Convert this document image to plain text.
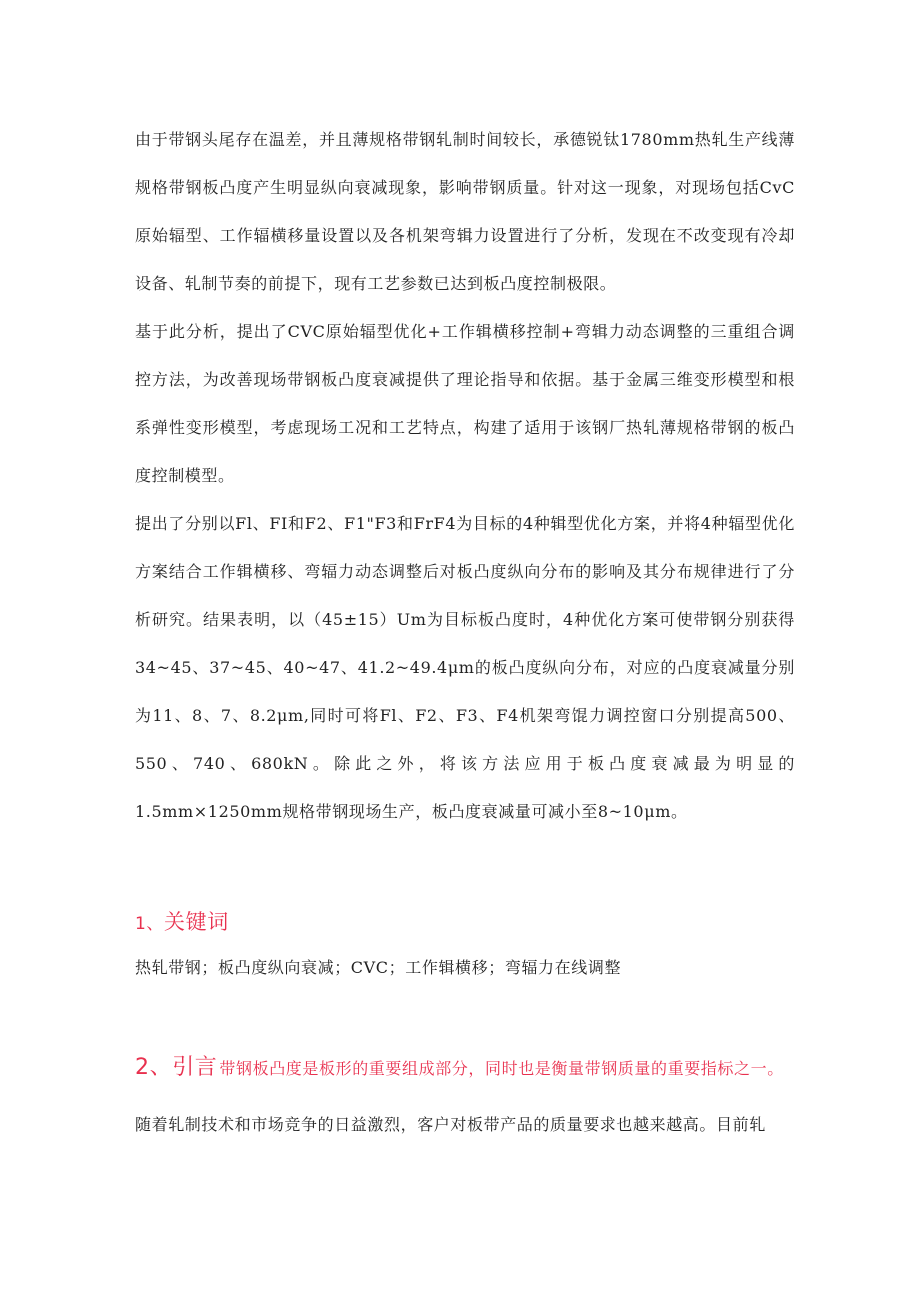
由于带钢头尾存在温差，并且薄规格带钢轧制时间较长，承德锐钛1780mm热轧生产线薄规格带钢板凸度产生明显纵向衰减现象，影响带钢质量。针对这一现象，对现场包括CvC原始辐型、工作辐横移量设置以及各机架弯辑力设置进行了分析，发现在不改变现有冷却设备、轧制节奏的前提下，现有工艺参数已达到板凸度控制极限。

基于此分析，提出了CVC原始辐型优化+工作辑横移控制+弯辑力动态调整的三重组合调控方法，为改善现场带钢板凸度衰减提供了理论指导和依据。基于金属三维变形模型和根系弹性变形模型，考虑现场工况和工艺特点，构建了适用于该钢厂热轧薄规格带钢的板凸度控制模型。

提出了分别以Fl、FI和F2、F1"F3和FrF4为目标的4种辑型优化方案，并将4种辐型优化方案结合工作辑横移、弯辐力动态调整后对板凸度纵向分布的影响及其分布规律进行了分析研究。结果表明，以（45±15）Um为目标板凸度时，4种优化方案可使带钢分别获得34~45、37~45、40~47、41.2~49.4μm的板凸度纵向分布，对应的凸度衰减量分别为11、8、7、8.2μm,同时可将Fl、F2、F3、F4机架弯馄力调控窗口分别提高500、550、740、680kN。除此之外，将该方法应用于板凸度衰减最为明显的1.5mm×1250mm规格带钢现场生产，板凸度衰减量可减小至8~10μm。

1、关键词

热轧带钢；板凸度纵向衰减；CVC；工作辑横移；弯辐力在线调整

2、引言 带钢板凸度是板形的重要组成部分，同时也是衡量带钢质量的重要指标之一。
随着轧制技术和市场竞争的日益激烈，客户对板带产品的质量要求也越来越高。目前轧
